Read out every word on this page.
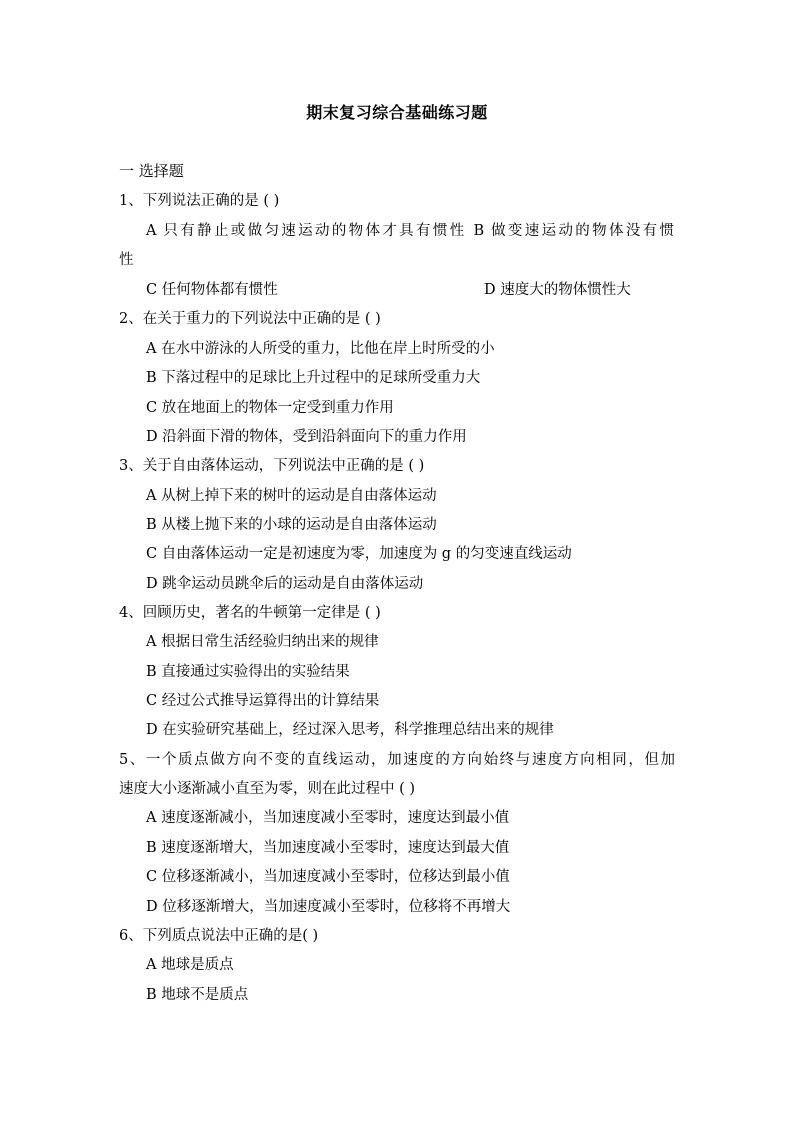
期末复习综合基础练习题
一 选择题
1、下列说法正确的是 ( )
A 只有静止或做匀速运动的物体才具有惯性 B 做变速运动的物体没有惯
性
C 任何物体都有惯性	D 速度大的物体惯性大
2、在关于重力的下列说法中正确的是 ( )
A 在水中游泳的人所受的重力，比他在岸上时所受的小
B 下落过程中的足球比上升过程中的足球所受重力大
C 放在地面上的物体一定受到重力作用
D 沿斜面下滑的物体，受到沿斜面向下的重力作用
3、关于自由落体运动，下列说法中正确的是 ( )
A 从树上掉下来的树叶的运动是自由落体运动
B 从楼上抛下来的小球的运动是自由落体运动
C 自由落体运动一定是初速度为零，加速度为 g 的匀变速直线运动
D 跳伞运动员跳伞后的运动是自由落体运动
4、回顾历史，著名的牛顿第一定律是 ( )
A 根据日常生活经验归纳出来的规律
B 直接通过实验得出的实验结果
C 经过公式推导运算得出的计算结果
D 在实验研究基础上，经过深入思考，科学推理总结出来的规律
5、一个质点做方向不变的直线运动，加速度的方向始终与速度方向相同，但加
速度大小逐渐减小直至为零，则在此过程中 ( )
A 速度逐渐减小，当加速度减小至零时，速度达到最小值
B 速度逐渐增大，当加速度减小至零时，速度达到最大值
C 位移逐渐减小，当加速度减小至零时，位移达到最小值
D 位移逐渐增大，当加速度减小至零时，位移将不再增大
6、下列质点说法中正确的是( )
A 地球是质点
B 地球不是质点
